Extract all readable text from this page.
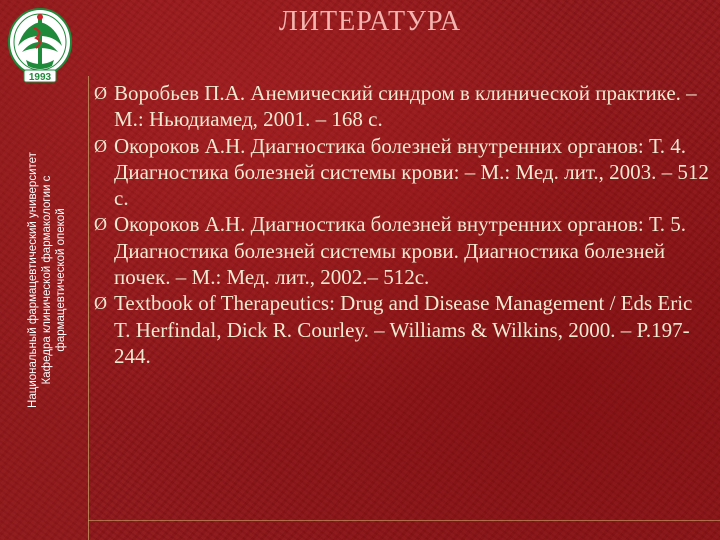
1993
ЛИТЕРАТУРА
Национальный фармацевтический университет Кафедра клинической фармакологии с фармацевтической опекой
Ø Воробьев П.А. Анемический синдром в клинической практике. – М.: Ньюдиамед, 2001. – 168 с.
Ø Окороков А.Н. Диагностика болезней внутренних органов: Т. 4. Диагностика болезней системы крови: – М.: Мед. лит., 2003. – 512 с.
Ø Окороков А.Н. Диагностика болезней внутренних органов: Т. 5. Диагностика болезней системы крови. Диагностика болезней почек. – М.: Мед. лит., 2002.– 512с.
Ø Textbook of Therapeutics: Drug and Disease Management / Eds Eric T. Herfindal, Dick R. Courley. – Williams & Wilkins, 2000. – P.197-244.
